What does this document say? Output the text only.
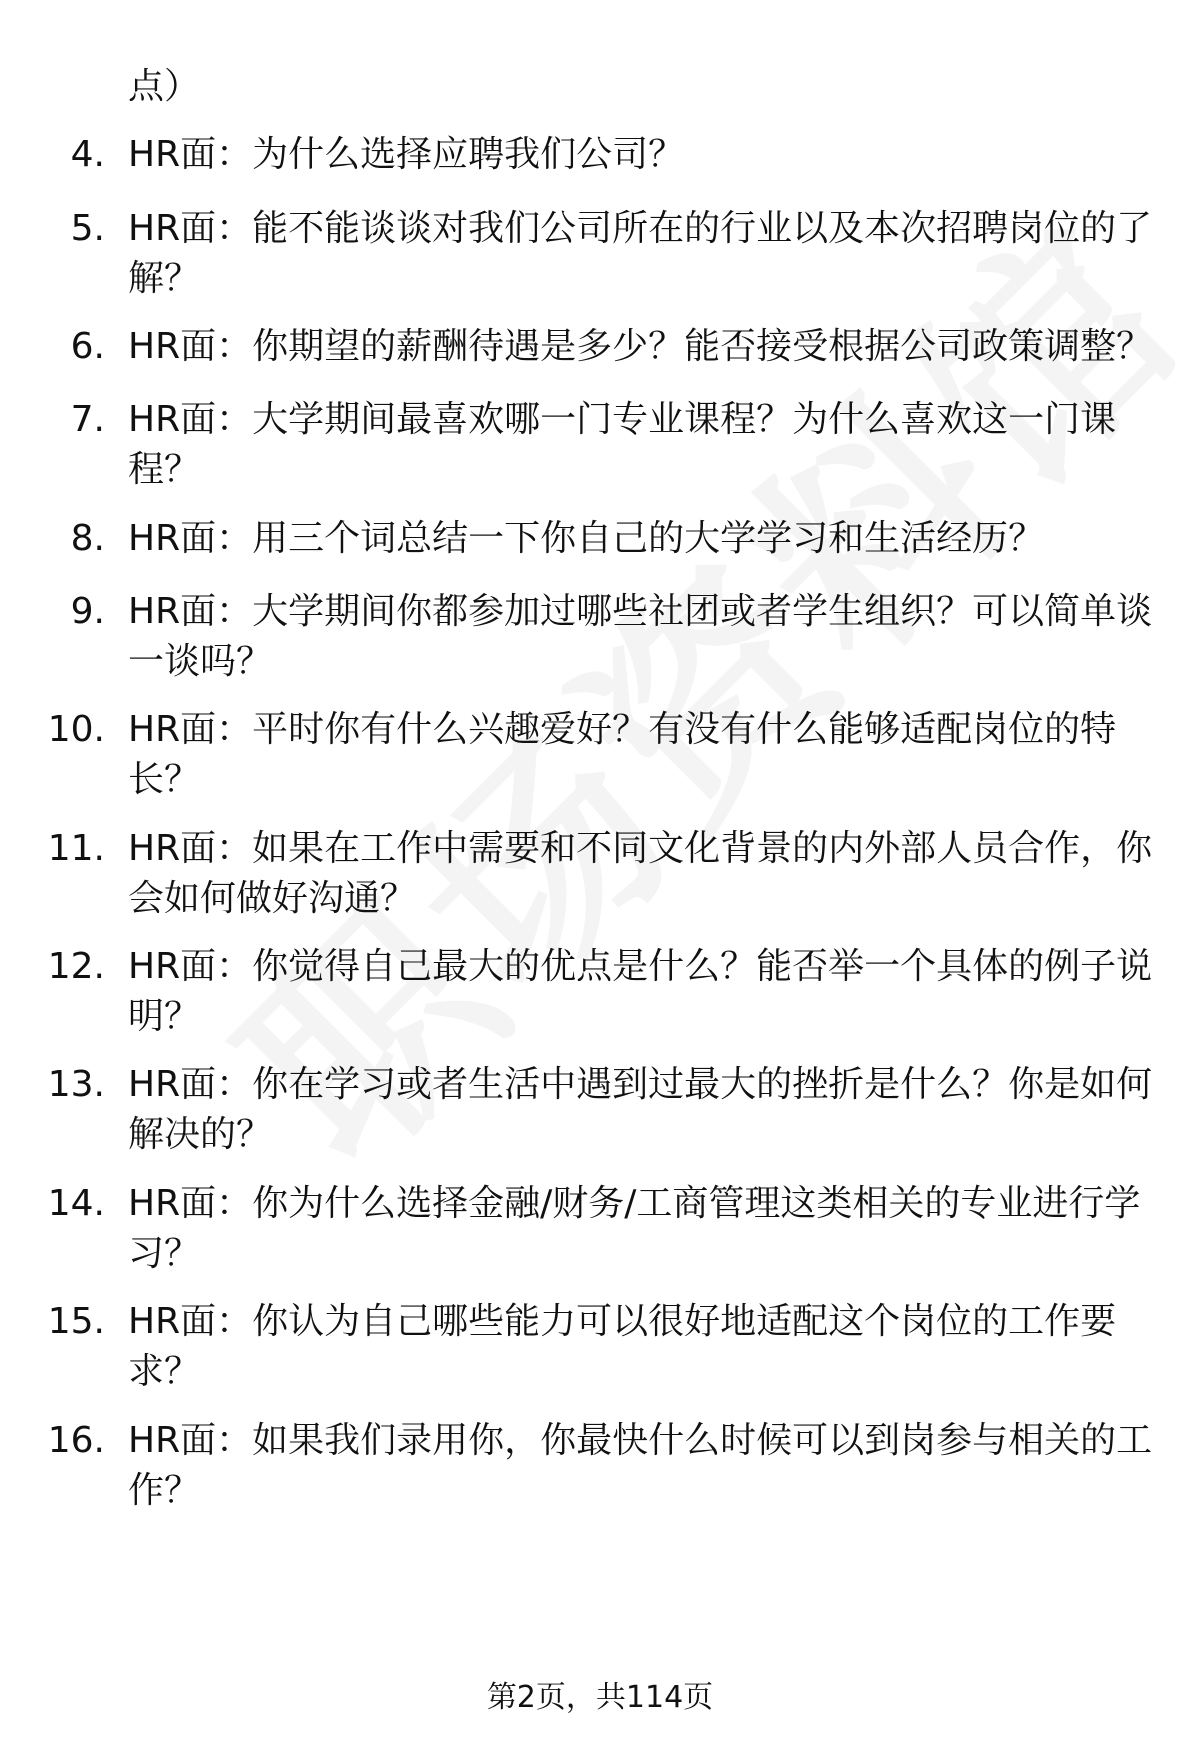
点）
4. HR面：为什么选择应聘我们公司？
5. HR面：能不能谈谈对我们公司所在的行业以及本次招聘岗位的了解？
6. HR面：你期望的薪酬待遇是多少？能否接受根据公司政策调整？
7. HR面：大学期间最喜欢哪一门专业课程？为什么喜欢这一门课程？
8. HR面：用三个词总结一下你自己的大学学习和生活经历？
9. HR面：大学期间你都参加过哪些社团或者学生组织？可以简单谈一谈吗？
10. HR面：平时你有什么兴趣爱好？有没有什么能够适配岗位的特长？
11. HR面：如果在工作中需要和不同文化背景的内外部人员合作，你会如何做好沟通？
12. HR面：你觉得自己最大的优点是什么？能否举一个具体的例子说明？
13. HR面：你在学习或者生活中遇到过最大的挫折是什么？你是如何解决的？
14. HR面：你为什么选择金融/财务/工商管理这类相关的专业进行学习？
15. HR面：你认为自己哪些能力可以很好地适配这个岗位的工作要求？
16. HR面：如果我们录用你，你最快什么时候可以到岗参与相关的工作？
第2页，共114页
